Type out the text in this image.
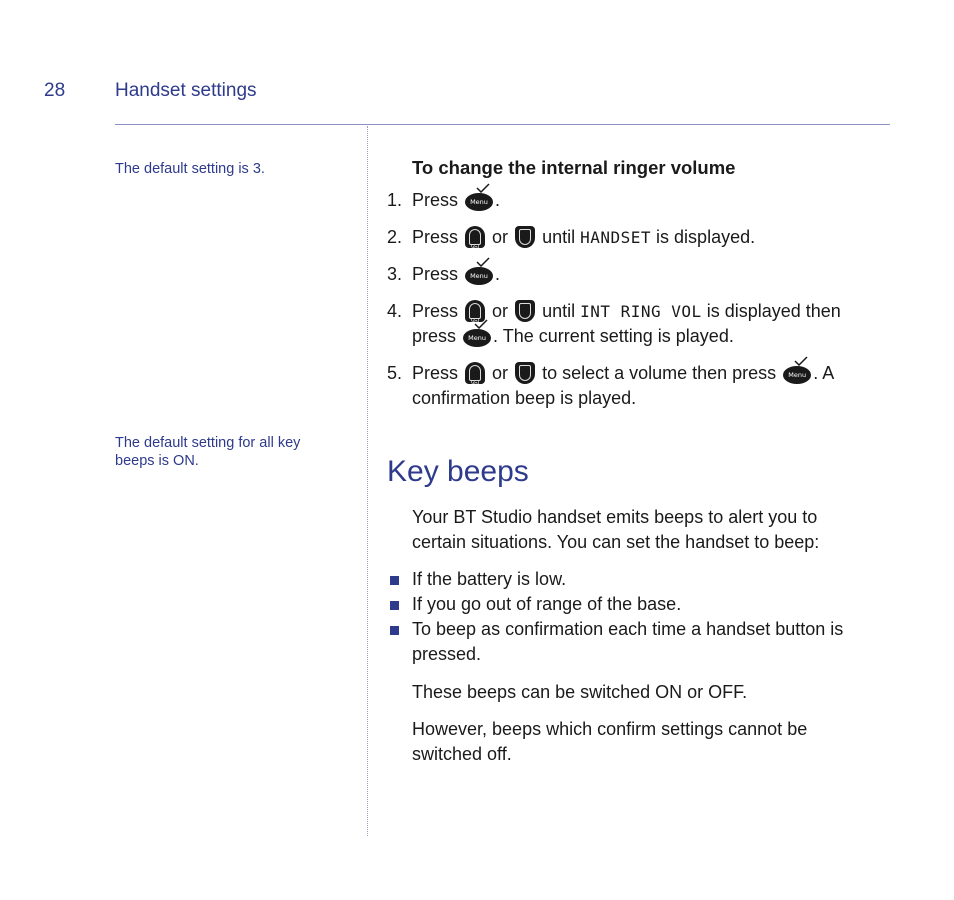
28	Handset settings
The default setting is 3.
The default setting for all key beeps is ON.
To change the internal ringer volume
1. Press	Menu .
2. Press
Vol
or
until HANDSET is displayed.
3. Press	Menu .
4. Press
Vol
or
until INT RING VOL is displayed then press	Menu . The current setting is played.
5. Press
Vol
or
to select a volume then press	Menu . A confirmation beep is played.
Key beeps

Your BT Studio handset emits beeps to alert you to certain situations. You can set the handset to beep:

If the battery is low.
If you go out of range of the base.
To beep as confirmation each time a handset button is pressed.

These beeps can be switched ON or OFF.

However, beeps which confirm settings cannot be switched off.
